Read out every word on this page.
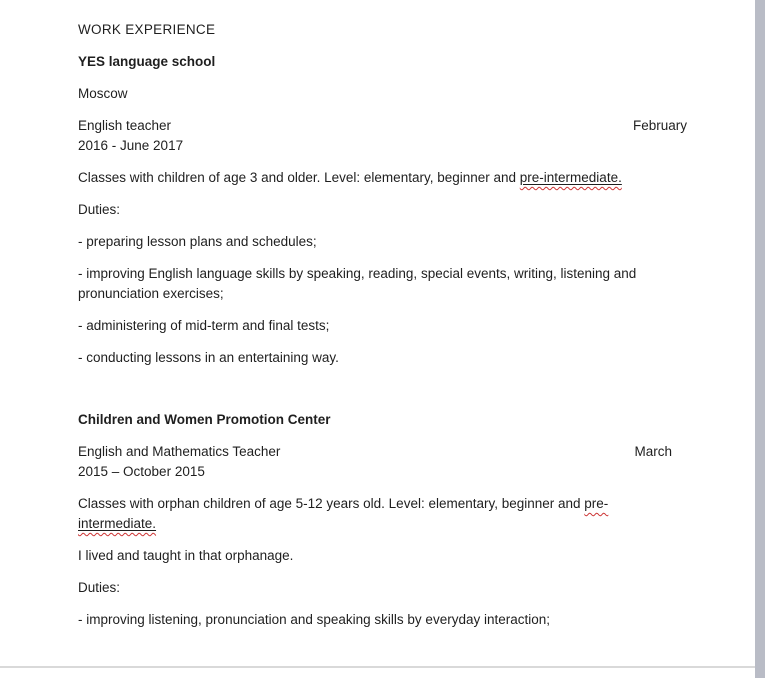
WORK EXPERIENCE

YES language school

Moscow

English teacher	February

2016 - June 2017

Classes with children of age 3 and older. Level: elementary, beginner and pre-intermediate.

Duties:

- preparing lesson plans and schedules;

- improving English language skills by speaking, reading, special events, writing, listening and

pronunciation exercises;

- administering of mid-term and final tests;

- conducting lessons in an entertaining way.

Children and Women Promotion Center
English and Mathematics Teacher	March

2015 – October 2015

Classes with orphan children of age 5-12 years old. Level: elementary, beginner and pre-

intermediate.

I lived and taught in that orphanage.

Duties:

- improving listening, pronunciation and speaking skills by everyday interaction;
